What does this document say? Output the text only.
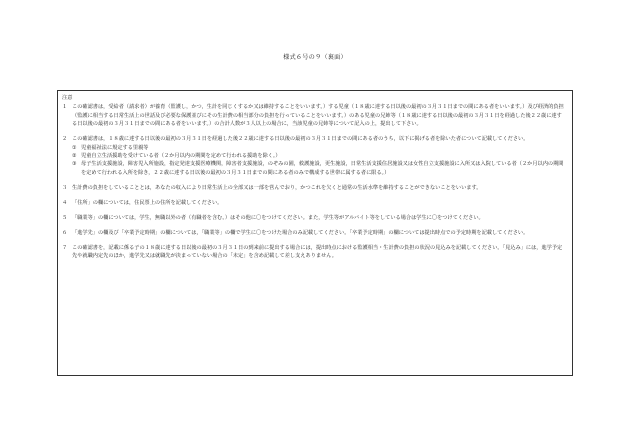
様式６号の９（裏面）
注意
１ この確認書は，受給者（請求者）が養育（監護し，かつ，生計を同じくするか又は維持することをいいます。）する児童（１８歳に達する日以後の最初の３月３１日までの間にある者をいいます。）及び経済的負担（監護に相当する日常生活上の世話及び必要な保護並びにその生計費の相当部分の負担を行っていることをいいます。）のある児童の兄姉等（１８歳に達する日以後の最初の３月３１日を経過した後２２歳に達する日以後の最初の３月３１日までの間にある者をいいます。）の合計人数が３人以上の場合に，当該児童の兄姉等について記入の上，提出して下さい。
２ この確認書は，１８歳に達する日以後の最初の３月３１日を経過した後２２歳に達する日以後の最初の３月３１日までの間にある者のうち，以下に掲げる者を除いた者について記載してください。
① 児童福祉法に規定する里親等
② 児童自立生活援助を受けている者（２か月以内の期間を定めて行われる援助を除く。）
③ 母子生活支援施設，障害児入所施設，指定発達支援医療機関，障害者支援施設，のぞみの園，救護施設，更生施設，日常生活支援住居施設又は女性自立支援施設に入所又は入院している者（２か月以内の期間を定めて行われる入所を除き，２２歳に達する日以後の最初の３月３１日までの間にある者のみで構成する世帯に属する者に限る。）
３ 生計費の負担をしていることとは，あなたの収入により日常生活上の全部又は一部を営んでおり，かつこれを欠くと通常の生活水準を維持することができないことをいいます。
４ 「住所」の欄については，住民票上の住所を記載してください。
５ 「職業等」の欄については，学生，無職以外の者（有職者を含む。）はその他に〇をつけてください。また，学生等がアルバイト等をしている場合は学生に〇をつけてください。
６ 「進学先」の欄及び「卒業予定時期」の欄については，「職業等」の欄で学生に〇をつけた場合のみ記載してください。「卒業予定時期」の欄については提出時点での予定時期を記載してください。
７ この確認書を，記載に係る子の１８歳に達する日以後の最初の３月３１日の到来前に提出する場合には，提出時点における監護相当・生計費の負担の状況の見込みを記載してください。「見込み」には，進学予定先や就職内定先のほか，進学先又は就職先が決まっていない場合の「未定」を含め記載して差し支えありません。
